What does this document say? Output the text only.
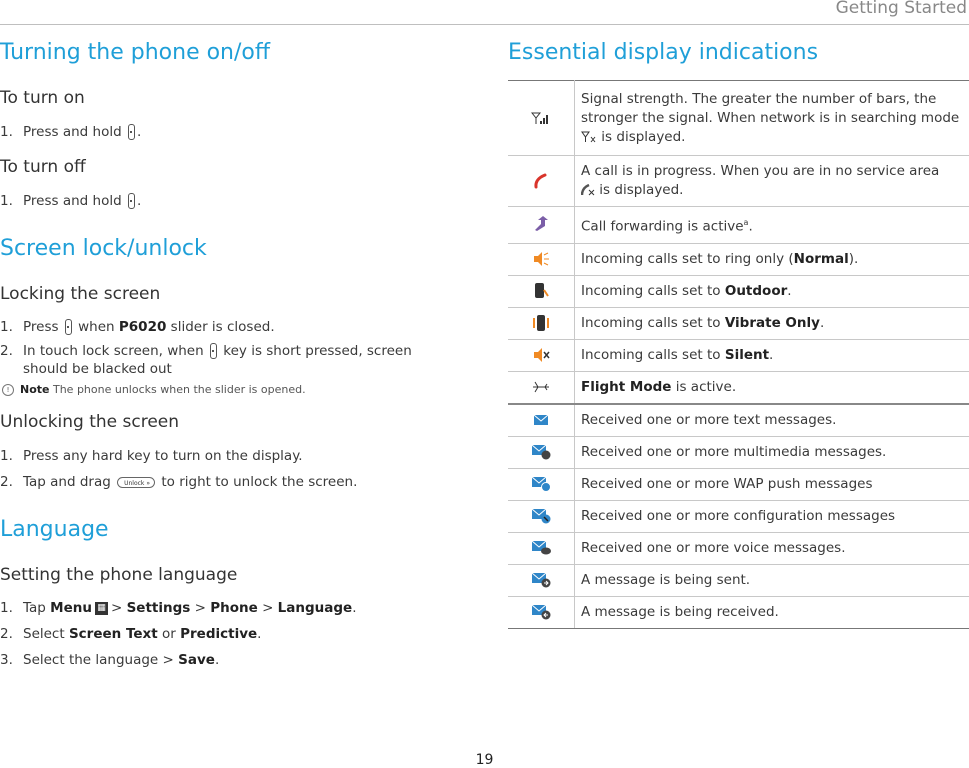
Getting Started
Turning the phone on/off
To turn on
1. Press and hold .
To turn off
1. Press and hold .
Screen lock/unlock
Locking the screen
1. Press when P6020 slider is closed.
2. In touch lock screen, when key is short pressed, screen
should be blacked out
! Note The phone unlocks when the slider is opened.
Unlocking the screen
1. Press any hard key to turn on the display.
2. Tap and drag Unlock » to right to unlock the screen.
Language
Setting the phone language
1. Tap Menu ▦ > Settings > Phone > Language.
2. Select Screen Text or Predictive.
3. Select the language > Save.
Essential display indications
	Signal strength. The greater the number of bars, the stronger the signal. When network is in searching mode  is displayed.
	A call is in progress. When you are in no service area
is displayed.
	Call forwarding is active$^a$.
	Incoming calls set to ring only (Normal).
	Incoming calls set to Outdoor.
	Incoming calls set to Vibrate Only.
	Incoming calls set to Silent.
	Flight Mode is active.
	Received one or more text messages.
	Received one or more multimedia messages.
	Received one or more WAP push messages
	Received one or more configuration messages
	Received one or more voice messages.
	A message is being sent.
	A message is being received.
19
